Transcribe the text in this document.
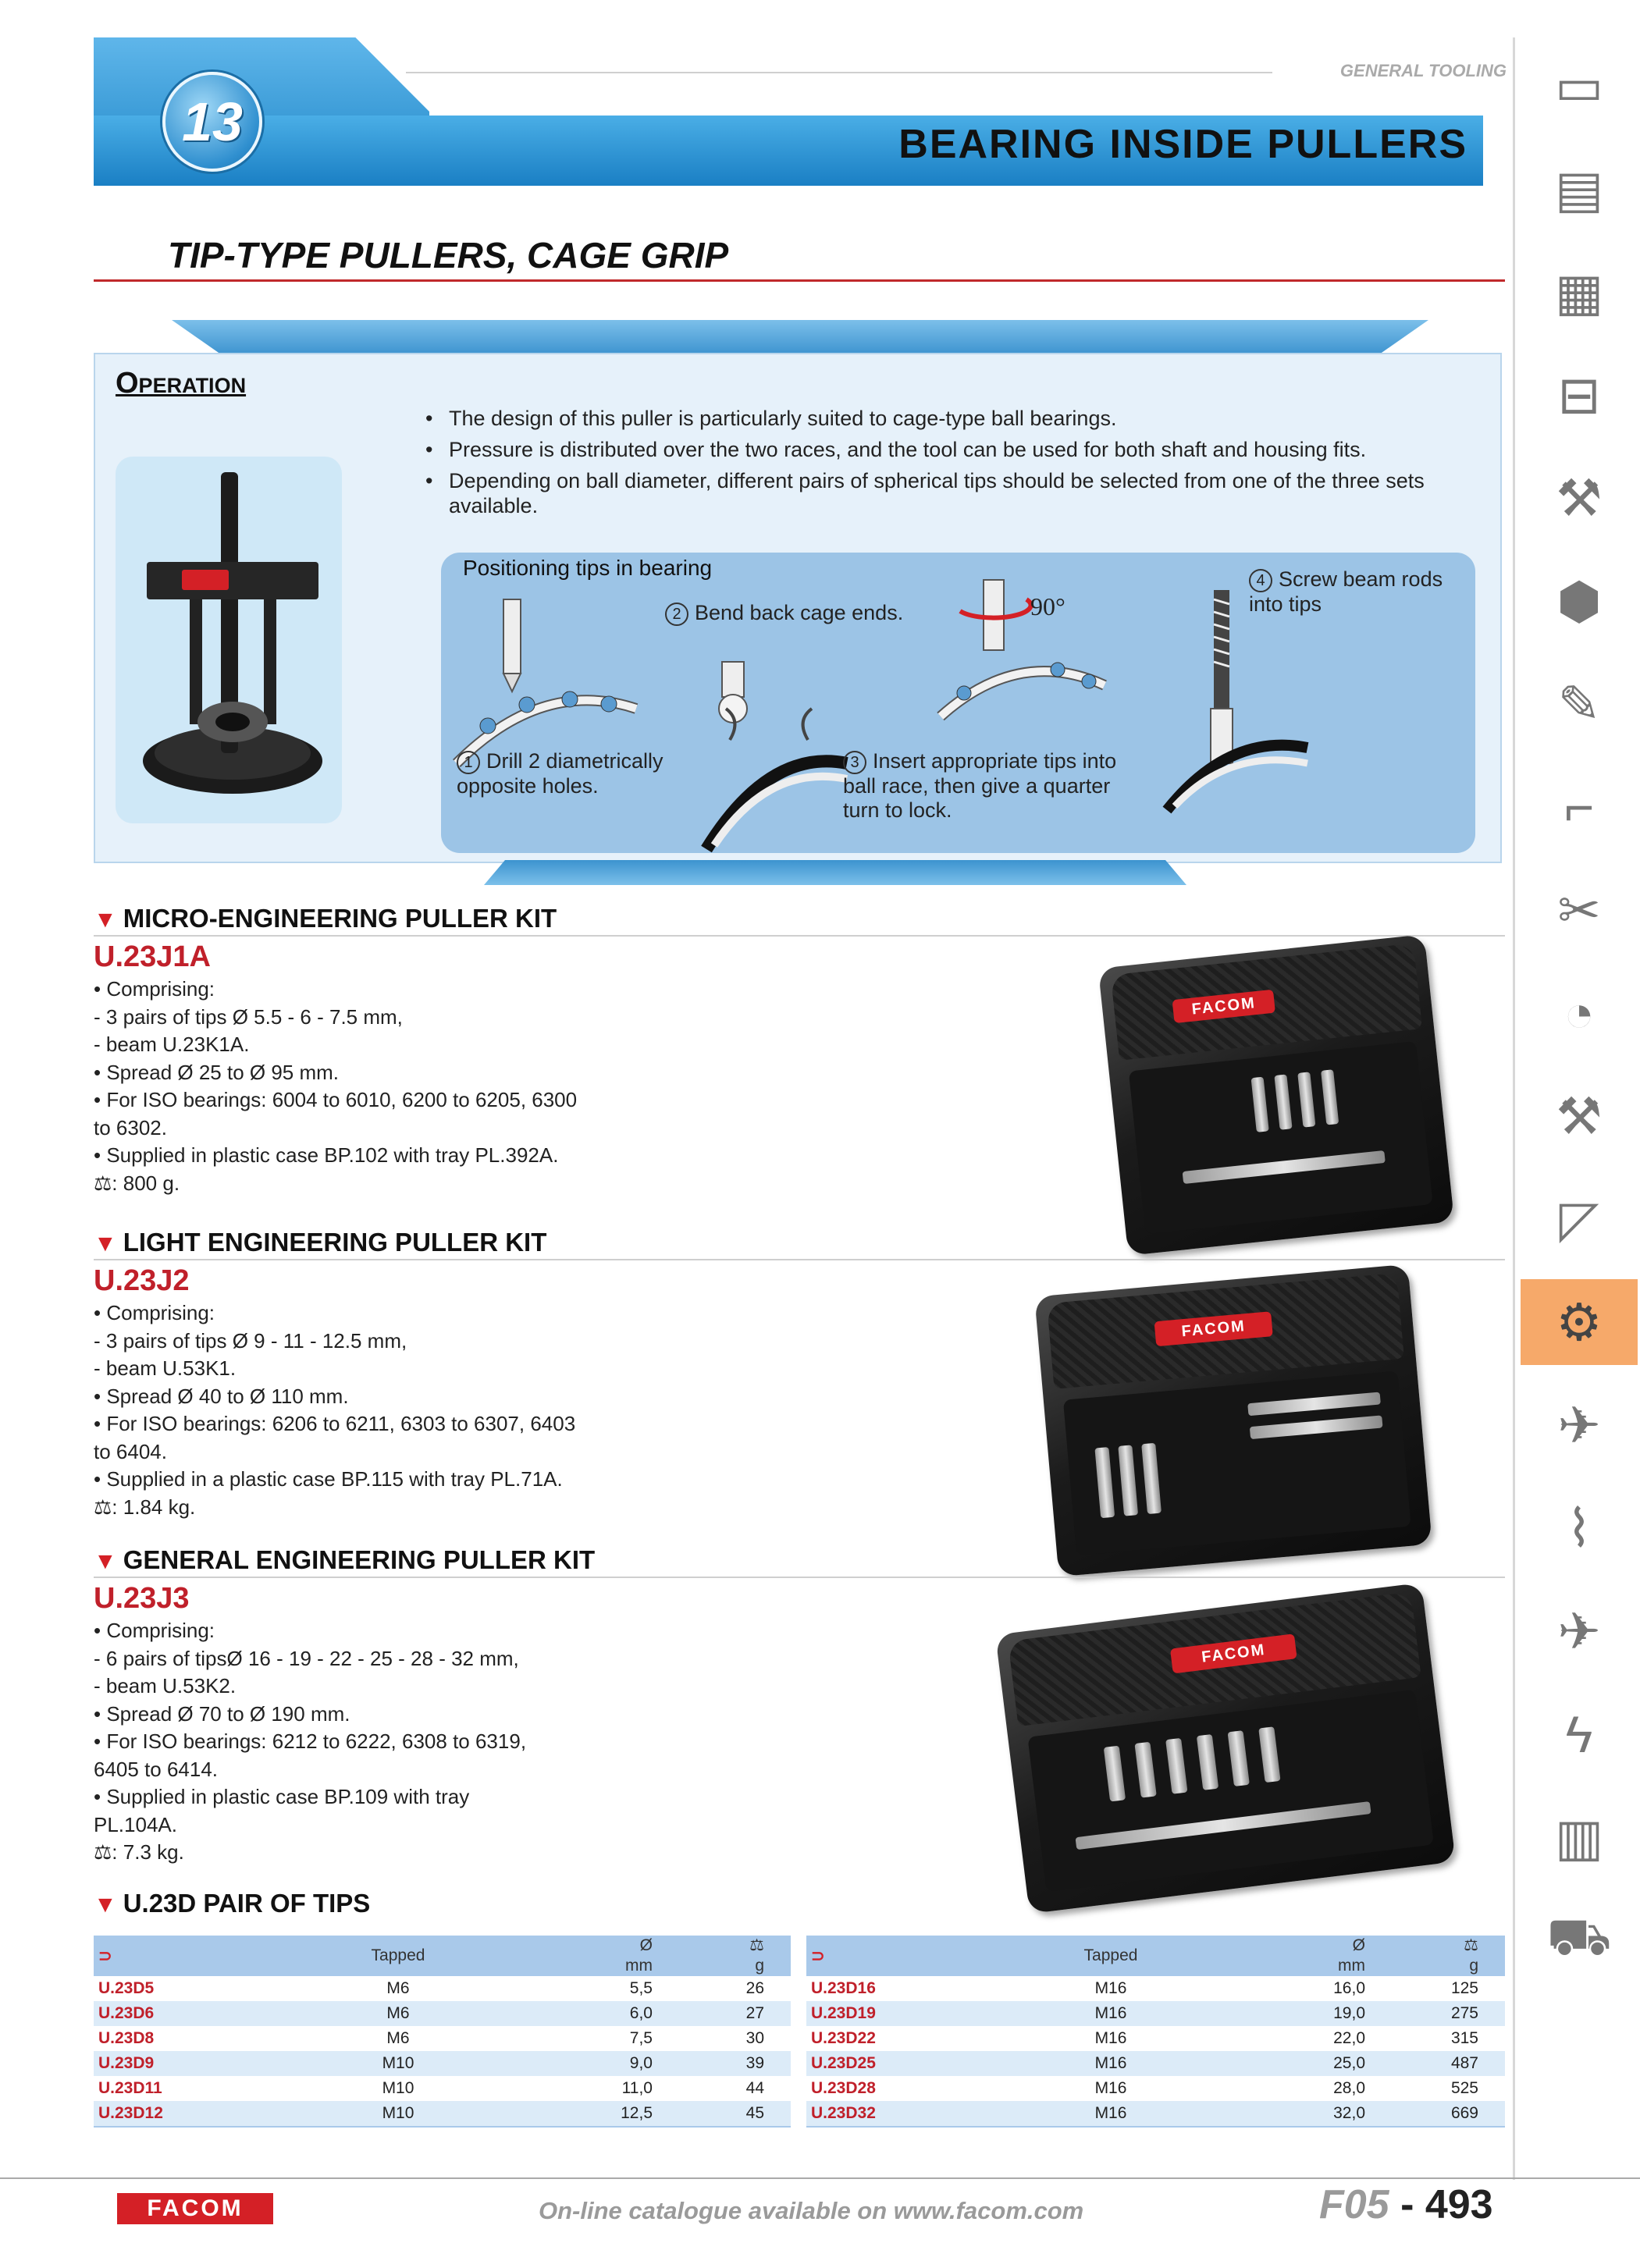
13
GENERAL TOOLING
BEARING INSIDE PULLERS
TIP-TYPE PULLERS, CAGE GRIP
Operation
• The design of this puller is particularly suited to cage-type ball bearings.
• Pressure is distributed over the two races, and the tool can be used for both shaft and housing fits.
• Depending on ball diameter, different pairs of spherical tips should be selected from one of the three sets available.
Positioning tips in bearing
90°
1 Drill 2 diametrically
opposite holes.
2 Bend back cage ends.
3 Insert appropriate tips into
ball race, then give a quarter
turn to lock.
4 Screw beam rods
into tips
▼ MICRO-ENGINEERING PULLER KIT
U.23J1A
• Comprising:
- 3 pairs of tips Ø 5.5 - 6 - 7.5 mm,
- beam U.23K1A.
• Spread Ø 25 to Ø 95 mm.
• For ISO bearings: 6004 to 6010, 6200 to 6205, 6300
to 6302.
• Supplied in plastic case BP.102 with tray PL.392A.
⚖: 800 g.
FACOM
▼ LIGHT ENGINEERING PULLER KIT
U.23J2
• Comprising:
- 3 pairs of tips Ø 9 - 11 - 12.5 mm,
- beam U.53K1.
• Spread Ø 40 to Ø 110 mm.
• For ISO bearings: 6206 to 6211, 6303 to 6307, 6403
to 6404.
• Supplied in a plastic case BP.115 with tray PL.71A.
⚖: 1.84 kg.
FACOM
▼ GENERAL ENGINEERING PULLER KIT
U.23J3
• Comprising:
- 6 pairs of tipsØ 16 - 19 - 22 - 25 - 28 - 32 mm,
- beam U.53K2.
• Spread Ø 70 to Ø 190 mm.
• For ISO bearings: 6212 to 6222, 6308 to 6319,
6405 to 6414.
• Supplied in plastic case BP.109 with tray
PL.104A.
⚖: 7.3 kg.
FACOM
▼ U.23D PAIR OF TIPS
⊃	Tapped	Ø
mm	⚖
g
U.23D5	M6	5,5	26
U.23D6	M6	6,0	27
U.23D8	M6	7,5	30
U.23D9	M10	9,0	39
U.23D11	M10	11,0	44
U.23D12	M10	12,5	45
⊃	Tapped	Ø
mm	⚖
g
U.23D16	M16	16,0	125
U.23D19	M16	19,0	275
U.23D22	M16	22,0	315
U.23D25	M16	25,0	487
U.23D28	M16	28,0	525
U.23D32	M16	32,0	669
▭
▤
▦
⊟
⚒
⬢
✎
⌐
✂
◔
⚒
◸
⚙
✈
⌇
✈
ϟ
▥
⛟
FACOM	On-line catalogue available on www.facom.com	F05 - 493
